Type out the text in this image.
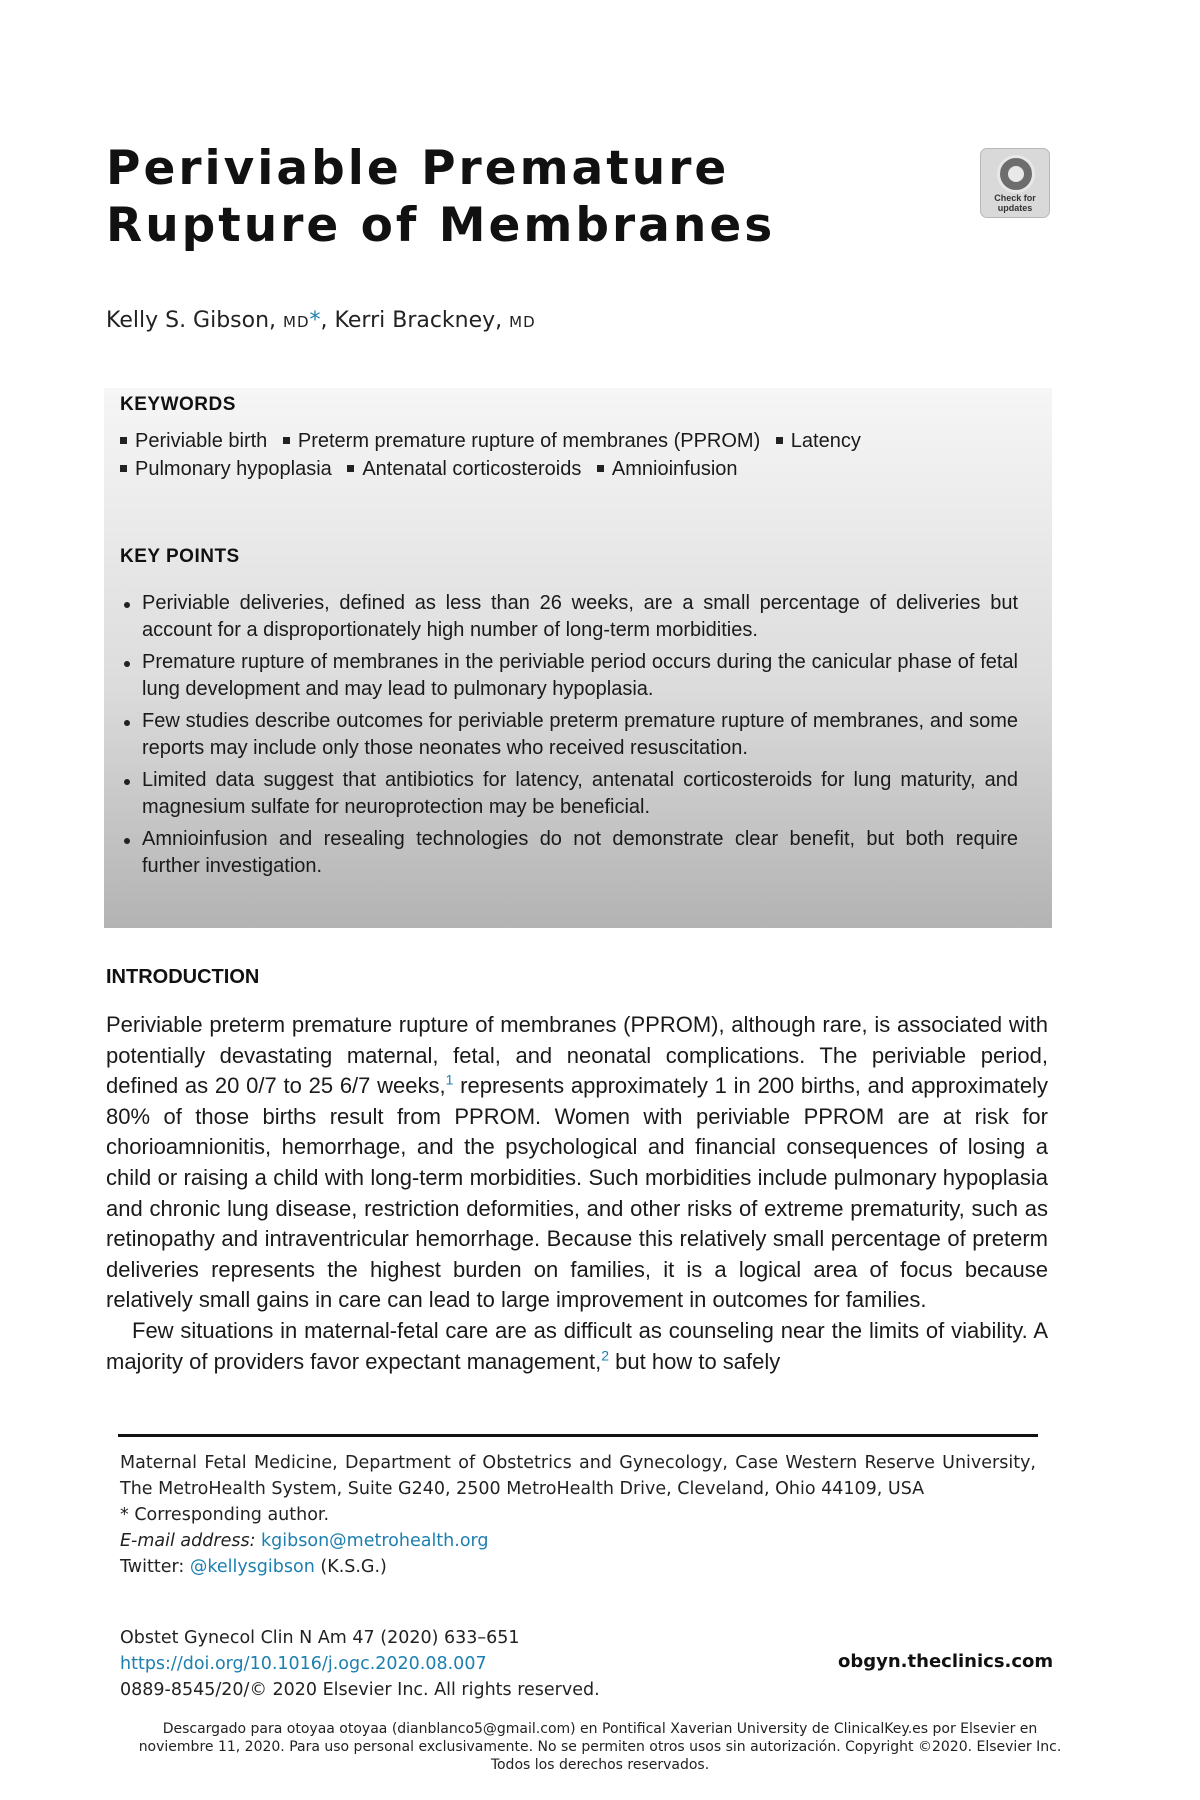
Periviable Premature
Rupture of Membranes	Check for updates
Kelly S. Gibson, MD*, Kerri Brackney, MD
KEYWORDS
Periviable birth Preterm premature rupture of membranes (PPROM) Latency
Pulmonary hypoplasia Antenatal corticosteroids Amnioinfusion
KEY POINTS
Periviable deliveries, defined as less than 26 weeks, are a small percentage of deliveries but account for a disproportionately high number of long-term morbidities.
Premature rupture of membranes in the periviable period occurs during the canicular phase of fetal lung development and may lead to pulmonary hypoplasia.
Few studies describe outcomes for periviable preterm premature rupture of membranes, and some reports may include only those neonates who received resuscitation.
Limited data suggest that antibiotics for latency, antenatal corticosteroids for lung maturity, and magnesium sulfate for neuroprotection may be beneficial.
Amnioinfusion and resealing technologies do not demonstrate clear benefit, but both require further investigation.
INTRODUCTION

Periviable preterm premature rupture of membranes (PPROM), although rare, is associated with potentially devastating maternal, fetal, and neonatal complications. The periviable period, defined as 20 0/7 to 25 6/7 weeks,$^1$ represents approximately 1 in 200 births, and approximately 80% of those births result from PPROM. Women with periviable PPROM are at risk for chorioamnionitis, hemorrhage, and the psychological and financial consequences of losing a child or raising a child with long-term morbidities. Such morbidities include pulmonary hypoplasia and chronic lung disease, restriction deformities, and other risks of extreme prematurity, such as retinopathy and intraventricular hemorrhage. Because this relatively small percentage of preterm deliveries represents the highest burden on families, it is a logical area of focus because relatively small gains in care can lead to large improvement in outcomes for families.

Few situations in maternal-fetal care are as difficult as counseling near the limits of viability. A majority of providers favor expectant management,$^2$ but how to safely

Maternal Fetal Medicine, Department of Obstetrics and Gynecology, Case Western Reserve University, The MetroHealth System, Suite G240, 2500 MetroHealth Drive, Cleveland, Ohio 44109, USA

* Corresponding author.

E-mail address: kgibson@metrohealth.org

Twitter: @kellysgibson (K.S.G.)

Obstet Gynecol Clin N Am 47 (2020) 633–651

https://doi.org/10.1016/j.ogc.2020.08.007

0889-8545/20/© 2020 Elsevier Inc. All rights reserved.

obgyn.theclinics.com

Descargado para otoyaa otoyaa (dianblanco5@gmail.com) en Pontifical Xaverian University de ClinicalKey.es por Elsevier en

noviembre 11, 2020. Para uso personal exclusivamente. No se permiten otros usos sin autorización. Copyright ©2020. Elsevier Inc.

Todos los derechos reservados.
